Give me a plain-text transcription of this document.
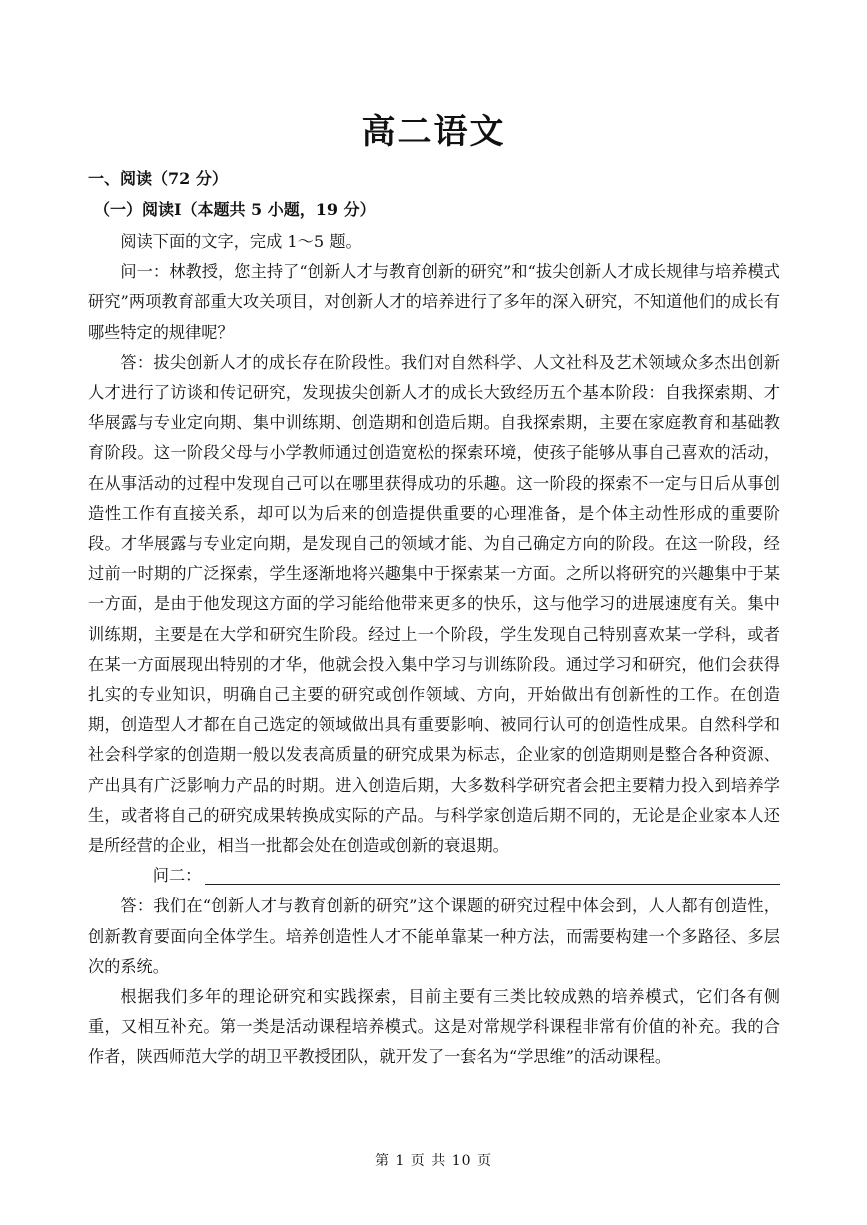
高二语文
一、阅读（72 分）
（一）阅读I（本题共 5 小题，19 分）

阅读下面的文字，完成 1～5 题。

问一：林教授，您主持了“创新人才与教育创新的研究”和“拔尖创新人才成长规律与培养模式研究”两项教育部重大攻关项目，对创新人才的培养进行了多年的深入研究，不知道他们的成长有哪些特定的规律呢？

答：拔尖创新人才的成长存在阶段性。我们对自然科学、人文社科及艺术领域众多杰出创新人才进行了访谈和传记研究，发现拔尖创新人才的成长大致经历五个基本阶段：自我探索期、才华展露与专业定向期、集中训练期、创造期和创造后期。自我探索期，主要在家庭教育和基础教育阶段。这一阶段父母与小学教师通过创造宽松的探索环境，使孩子能够从事自己喜欢的活动，在从事活动的过程中发现自己可以在哪里获得成功的乐趣。这一阶段的探索不一定与日后从事创造性工作有直接关系，却可以为后来的创造提供重要的心理准备，是个体主动性形成的重要阶段。才华展露与专业定向期，是发现自己的领域才能、为自己确定方向的阶段。在这一阶段，经过前一时期的广泛探索，学生逐渐地将兴趣集中于探索某一方面。之所以将研究的兴趣集中于某一方面，是由于他发现这方面的学习能给他带来更多的快乐，这与他学习的进展速度有关。集中训练期，主要是在大学和研究生阶段。经过上一个阶段，学生发现自己特别喜欢某一学科，或者在某一方面展现出特别的才华，他就会投入集中学习与训练阶段。通过学习和研究，他们会获得扎实的专业知识，明确自己主要的研究或创作领域、方向，开始做出有创新性的工作。在创造期，创造型人才都在自己选定的领域做出具有重要影响、被同行认可的创造性成果。自然科学和社会科学家的创造期一般以发表高质量的研究成果为标志，企业家的创造期则是整合各种资源、产出具有广泛影响力产品的时期。进入创造后期，大多数科学研究者会把主要精力投入到培养学生，或者将自己的研究成果转换成实际的产品。与科学家创造后期不同的，无论是企业家本人还是所经营的企业，相当一批都会处在创造或创新的衰退期。

问二：

答：我们在“创新人才与教育创新的研究”这个课题的研究过程中体会到，人人都有创造性，创新教育要面向全体学生。培养创造性人才不能单靠某一种方法，而需要构建一个多路径、多层次的系统。

根据我们多年的理论研究和实践探索，目前主要有三类比较成熟的培养模式，它们各有侧重，又相互补充。第一类是活动课程培养模式。这是对常规学科课程非常有价值的补充。我的合作者，陕西师范大学的胡卫平教授团队，就开发了一套名为“学思维”的活动课程。

第 1 页 共 10 页
